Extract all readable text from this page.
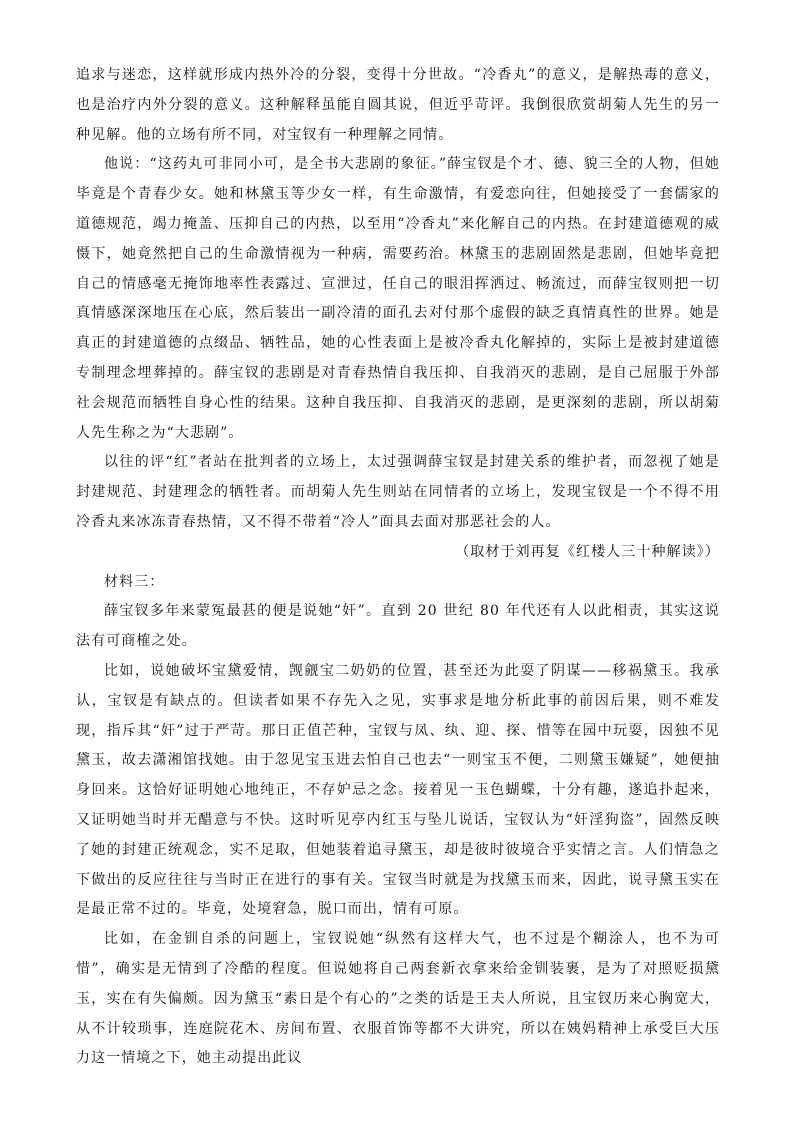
追求与迷恋，这样就形成内热外冷的分裂，变得十分世故。“冷香丸”的意义，是解热毒的意义，也是治疗内外分裂的意义。这种解释虽能自圆其说，但近乎苛评。我倒很欣赏胡菊人先生的另一种见解。他的立场有所不同，对宝钗有一种理解之同情。

他说：“这药丸可非同小可，是全书大悲剧的象征。”薛宝钗是个才、德、貌三全的人物，但她毕竟是个青春少女。她和林黛玉等少女一样，有生命激情，有爱恋向往，但她接受了一套儒家的道德规范，竭力掩盖、压抑自己的内热，以至用“冷香丸”来化解自己的内热。在封建道德观的威慑下，她竟然把自己的生命激情视为一种病，需要药治。林黛玉的悲剧固然是悲剧，但她毕竟把自己的情感毫无掩饰地率性表露过、宣泄过，任自己的眼泪挥洒过、畅流过，而薛宝钗则把一切真情感深深地压在心底，然后装出一副冷清的面孔去对付那个虚假的缺乏真情真性的世界。她是真正的封建道德的点缀品、牺牲品，她的心性表面上是被冷香丸化解掉的，实际上是被封建道德专制理念埋葬掉的。薛宝钗的悲剧是对青春热情自我压抑、自我消灭的悲剧，是自己屈服于外部社会规范而牺牲自身心性的结果。这种自我压抑、自我消灭的悲剧，是更深刻的悲剧，所以胡菊人先生称之为“大悲剧”。

以往的评“红”者站在批判者的立场上，太过强调薛宝钗是封建关系的维护者，而忽视了她是封建规范、封建理念的牺牲者。而胡菊人先生则站在同情者的立场上，发现宝钗是一个不得不用冷香丸来冰冻青春热情，又不得不带着“冷人”面具去面对那恶社会的人。

（取材于刘再复《红楼人三十种解读》）

材料三：

薛宝钗多年来蒙冤最甚的便是说她“奸”。直到 20 世纪 80 年代还有人以此相责，其实这说法有可商榷之处。

比如，说她破坏宝黛爱情，觊觎宝二奶奶的位置，甚至还为此耍了阴谋——移祸黛玉。我承认，宝钗是有缺点的。但读者如果不存先入之见，实事求是地分析此事的前因后果，则不难发现，指斥其“奸”过于严苛。那日正值芒种，宝钗与凤、纨、迎、探、惜等在园中玩耍，因独不见黛玉，故去潇湘馆找她。由于忽见宝玉进去怕自己也去“一则宝玉不便，二则黛玉嫌疑”，她便抽身回来。这恰好证明她心地纯正，不存妒忌之念。接着见一玉色蝴蝶，十分有趣，遂追扑起来，又证明她当时并无醋意与不快。这时听见亭内红玉与坠儿说话，宝钗认为“奸淫狗盗”，固然反映了她的封建正统观念，实不足取，但她装着追寻黛玉，却是彼时彼境合乎实情之言。人们情急之下做出的反应往往与当时正在进行的事有关。宝钗当时就是为找黛玉而来，因此，说寻黛玉实在是最正常不过的。毕竟，处境窘急，脱口而出，情有可原。

比如，在金钏自杀的问题上，宝钗说她“纵然有这样大气，也不过是个糊涂人，也不为可惜”，确实是无情到了冷酷的程度。但说她将自己两套新衣拿来给金钏装裹，是为了对照贬损黛玉，实在有失偏颇。因为黛玉“素日是个有心的”之类的话是王夫人所说，且宝钗历来心胸宽大，从不计较琐事，连庭院花木、房间布置、衣服首饰等都不大讲究，所以在姨妈精神上承受巨大压力这一情境之下，她主动提出此议
